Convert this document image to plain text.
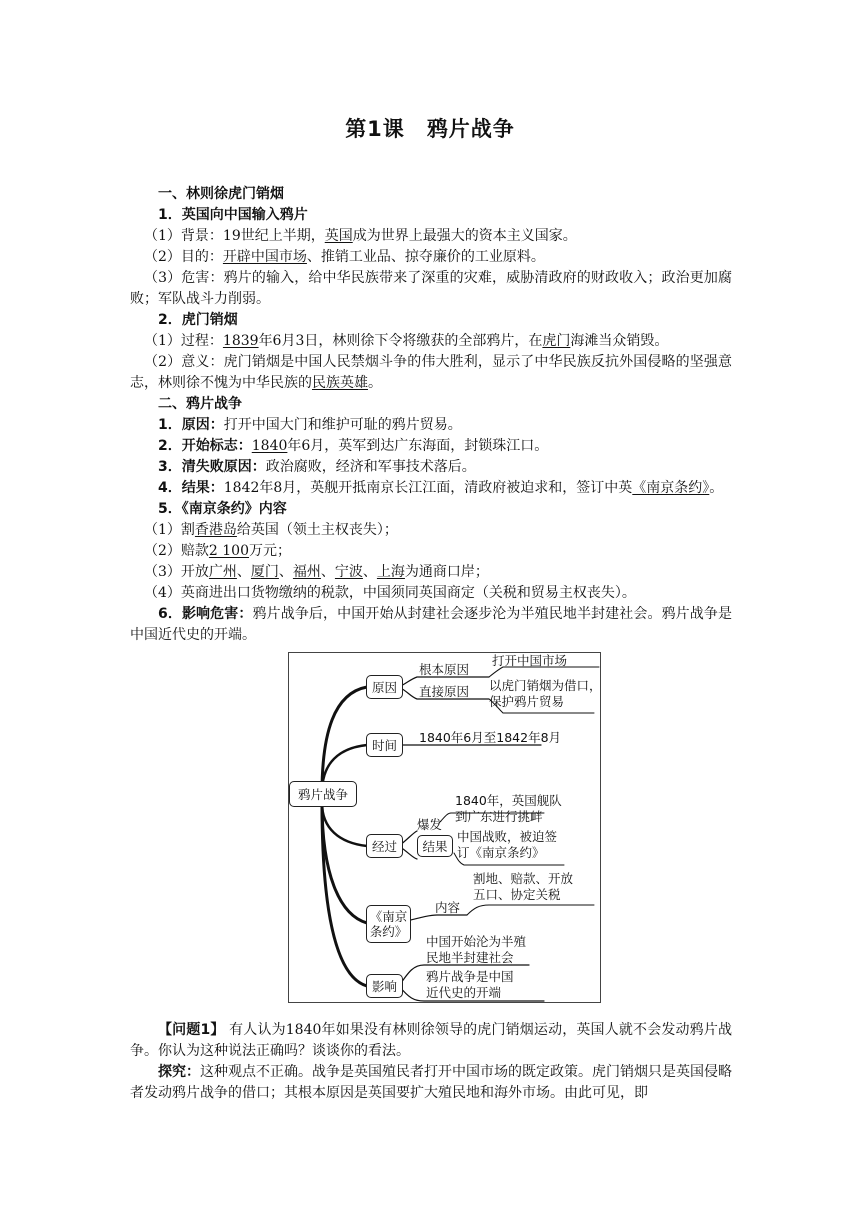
第1课 鸦片战争

一、林则徐虎门销烟

1．英国向中国输入鸦片

（1）背景：19世纪上半期，英国成为世界上最强大的资本主义国家。

（2）目的：开辟中国市场、推销工业品、掠夺廉价的工业原料。

（3）危害：鸦片的输入，给中华民族带来了深重的灾难，威胁清政府的财政收入；政治更加腐败；军队战斗力削弱。

2．虎门销烟

（1）过程：1839年6月3日，林则徐下令将缴获的全部鸦片，在虎门海滩当众销毁。

（2）意义：虎门销烟是中国人民禁烟斗争的伟大胜利，显示了中华民族反抗外国侵略的坚强意志，林则徐不愧为中华民族的民族英雄。

二、鸦片战争

1．原因：打开中国大门和维护可耻的鸦片贸易。

2．开始标志：1840年6月，英军到达广东海面，封锁珠江口。

3．清失败原因：政治腐败，经济和军事技术落后。

4．结果：1842年8月，英舰开抵南京长江江面，清政府被迫求和，签订中英《南京条约》。

5．《南京条约》内容

（1）割香港岛给英国（领土主权丧失）；

（2）赔款2 100万元；

（3）开放广州、厦门、福州、宁波、上海为通商口岸；

（4）英商进出口货物缴纳的税款，中国须同英国商定（关税和贸易主权丧失）。

6．影响危害：鸦片战争后，中国开始从封建社会逐步沦为半殖民地半封建社会。鸦片战争是中国近代史的开端。

鸦片战争
原因
根本原因
打开中国市场
直接原因 以虎门销烟为借口，
保护鸦片贸易
时间	1840年6月至1842年8月
1840年，英国舰队
到广东进行挑衅
爆发
经过	结果
中国战败，被迫签
订《南京条约》
割地、赔款、开放
五口、协定关税
内容
《南京
条约》
中国开始沦为半殖
民地半封建社会
影响
鸦片战争是中国
近代史的开端

【问题1】 有人认为1840年如果没有林则徐领导的虎门销烟运动，英国人就不会发动鸦片战争。你认为这种说法正确吗？谈谈你的看法。

探究：这种观点不正确。战争是英国殖民者打开中国市场的既定政策。虎门销烟只是英国侵略者发动鸦片战争的借口；其根本原因是英国要扩大殖民地和海外市场。由此可见，即
